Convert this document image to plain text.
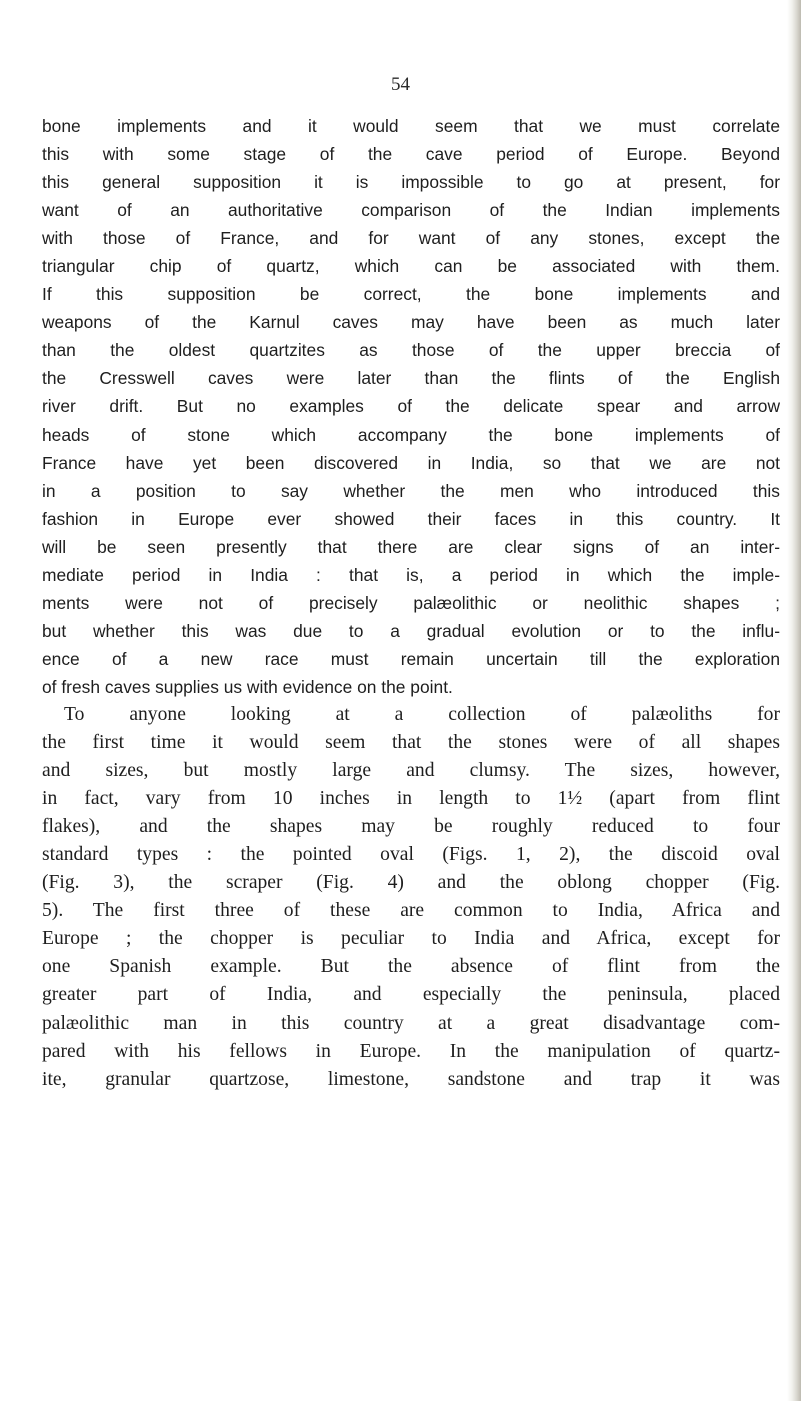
54
bone implements and it would seem that we must correlate
this with some stage of the cave period of Europe. Beyond
this general supposition it is impossible to go at present, for
want of an authoritative comparison of the Indian implements
with those of France, and for want of any stones, except the
triangular chip of quartz, which can be associated with them.
If this supposition be correct, the bone implements and
weapons of the Karnul caves may have been as much later
than the oldest quartzites as those of the upper breccia of
the Cresswell caves were later than the flints of the English
river drift. But no examples of the delicate spear and arrow
heads of stone which accompany the bone implements of
France have yet been discovered in India, so that we are not
in a position to say whether the men who introduced this
fashion in Europe ever showed their faces in this country. It
will be seen presently that there are clear signs of an inter-
mediate period in India : that is, a period in which the imple-
ments were not of precisely palæolithic or neolithic shapes ;
but whether this was due to a gradual evolution or to the influ-
ence of a new race must remain uncertain till the exploration
of fresh caves supplies us with evidence on the point.
To anyone looking at a collection of palæoliths for
the first time it would seem that the stones were of all shapes
and sizes, but mostly large and clumsy. The sizes, however,
in fact, vary from 10 inches in length to 1½ (apart from flint
flakes), and the shapes may be roughly reduced to four
standard types : the pointed oval (Figs. 1, 2), the discoid oval
(Fig. 3), the scraper (Fig. 4) and the oblong chopper (Fig.
5). The first three of these are common to India, Africa and
Europe ; the chopper is peculiar to India and Africa, except for
one Spanish example. But the absence of flint from the
greater part of India, and especially the peninsula, placed
palæolithic man in this country at a great disadvantage com-
pared with his fellows in Europe. In the manipulation of quartz-
ite, granular quartzose, limestone, sandstone and trap it was
